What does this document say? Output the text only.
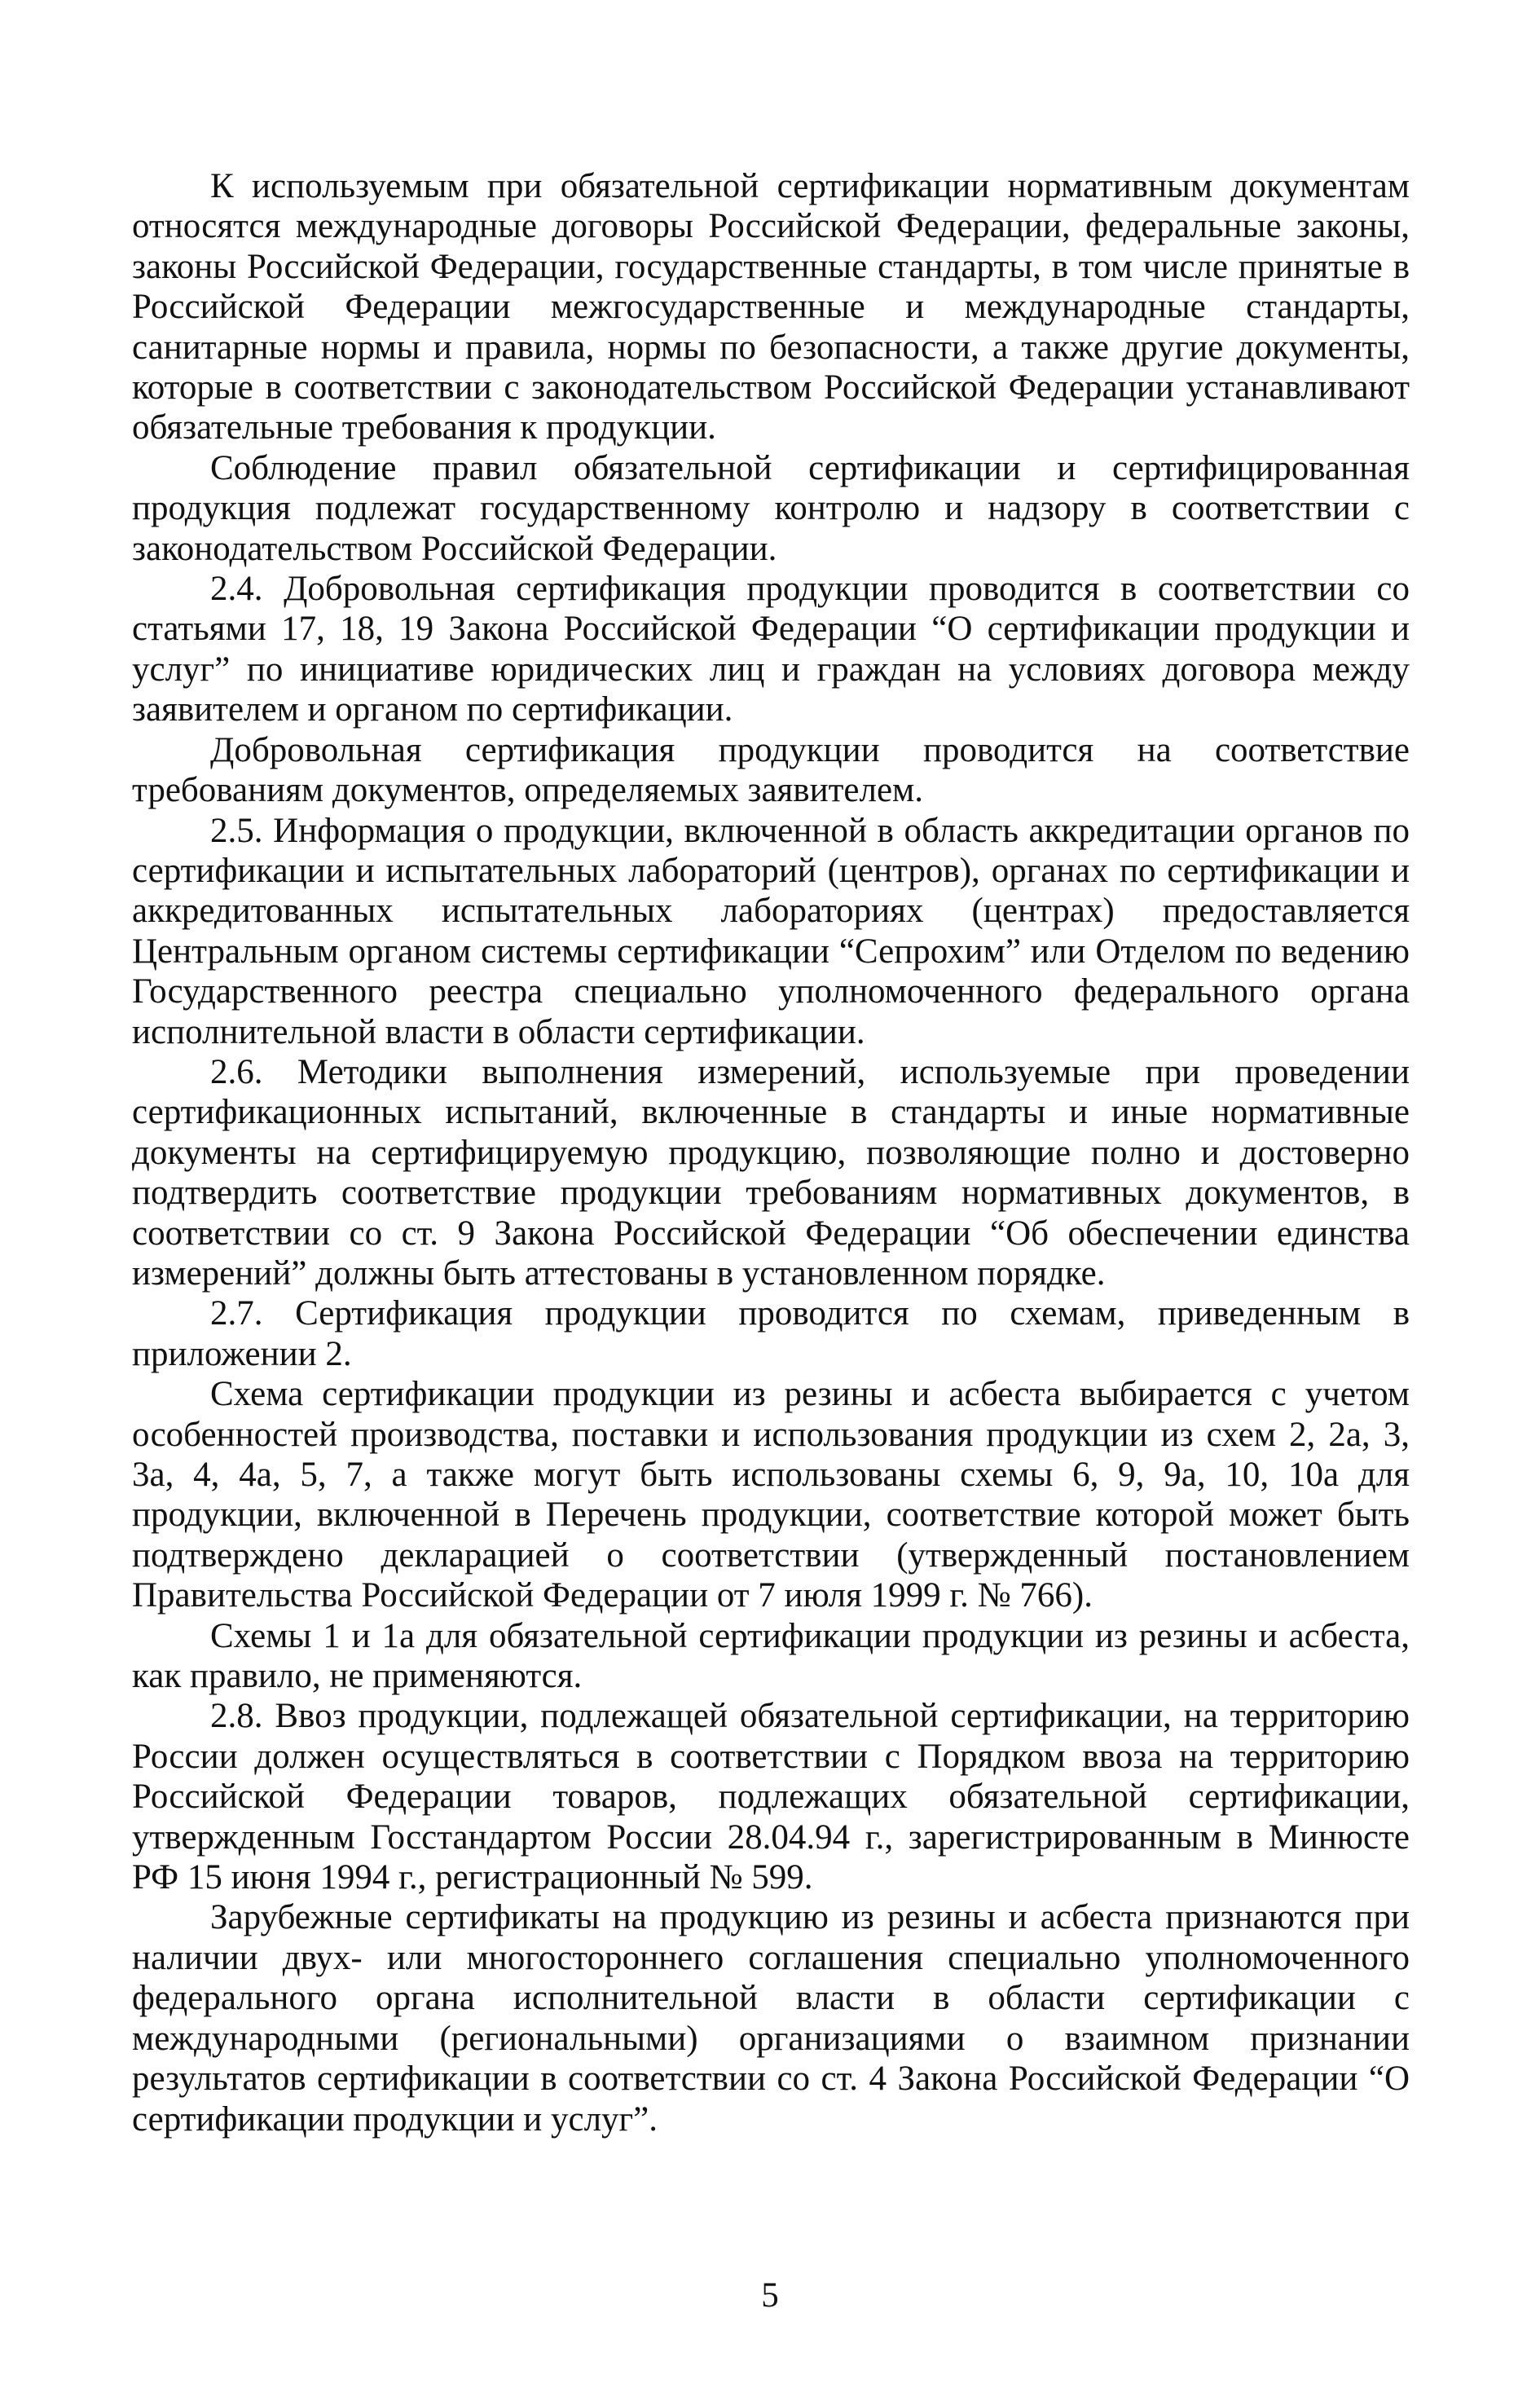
К используемым при обязательной сертификации нормативным документам относятся международные договоры Российской Федерации, федеральные законы, законы Российской Федерации, государственные стандарты, в том числе принятые в Российской Федерации межгосударственные и международные стандарты, санитарные нормы и правила, нормы по безопасности, а также другие документы, которые в соответствии с законодательством Российской Федерации устанавливают обязательные требования к продукции.

Соблюдение правил обязательной сертификации и сертифицированная продукция подлежат государственному контролю и надзору в соответствии с законодательством Российской Федерации.

2.4. Добровольная сертификация продукции проводится в соответствии со статьями 17, 18, 19 Закона Российской Федерации “О сертификации продукции и услуг” по инициативе юридических лиц и граждан на условиях договора между заявителем и органом по сертификации.

Добровольная сертификация продукции проводится на соответствие требованиям документов, определяемых заявителем.

2.5. Информация о продукции, включенной в область аккредитации органов по сертификации и испытательных лабораторий (центров), органах по сертификации и аккредитованных испытательных лабораториях (центрах) предоставляется Центральным органом системы сертификации “Сепрохим” или Отделом по ведению Государственного реестра специально уполномоченного федерального органа исполнительной власти в области сертификации.

2.6. Методики выполнения измерений, используемые при проведении сертификационных испытаний, включенные в стандарты и иные нормативные документы на сертифицируемую продукцию, позволяющие полно и достоверно подтвердить соответствие продукции требованиям нормативных документов, в соответствии со ст. 9 Закона Российской Федерации “Об обеспечении единства измерений” должны быть аттестованы в установленном порядке.

2.7. Сертификация продукции проводится по схемам, приведенным в приложении 2.

Схема сертификации продукции из резины и асбеста выбирается с учетом особенностей производства, поставки и использования продукции из схем 2, 2а, 3, 3а, 4, 4а, 5, 7, а также могут быть использованы схемы 6, 9, 9а, 10, 10а для продукции, включенной в Перечень продукции, соответствие которой может быть подтверждено декларацией о соответствии (утвержденный постановлением Правительства Российской Федерации от 7 июля 1999 г. № 766).

Схемы 1 и 1а для обязательной сертификации продукции из резины и асбеста, как правило, не применяются.

2.8. Ввоз продукции, подлежащей обязательной сертификации, на территорию России должен осуществляться в соответствии с Порядком ввоза на территорию Российской Федерации товаров, подлежащих обязательной сертификации, утвержденным Госстандартом России 28.04.94 г., зарегистрированным в Минюсте РФ 15 июня 1994 г., регистрационный № 599.

Зарубежные сертификаты на продукцию из резины и асбеста признаются при наличии двух- или многостороннего соглашения специально уполномоченного федерального органа исполнительной власти в области сертификации с международными (региональными) организациями о взаимном признании результатов сертификации в соответствии со ст. 4 Закона Российской Федерации “О сертификации продукции и услуг”.

5
